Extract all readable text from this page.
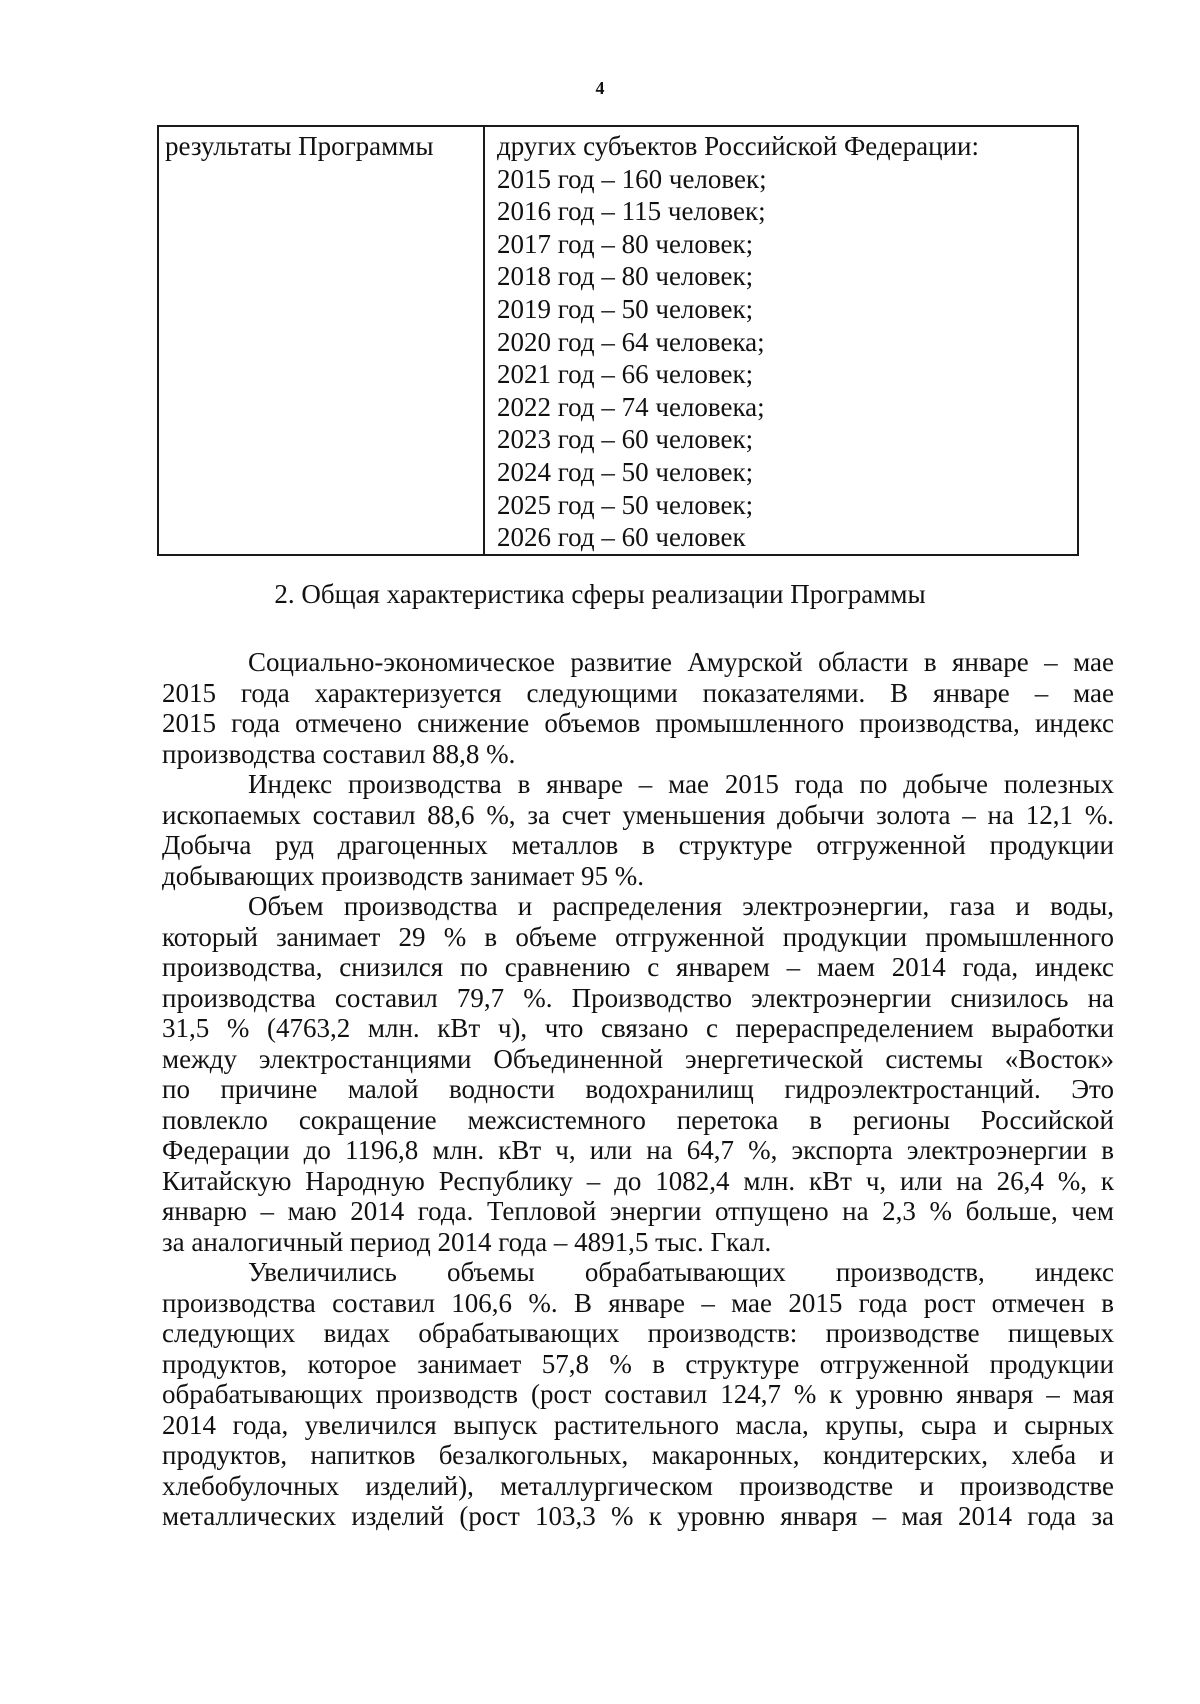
4
результаты Программы	других субъектов Российской Федерации:
2015 год – 160 человек;
2016 год – 115 человек;
2017 год – 80 человек;
2018 год – 80 человек;
2019 год – 50 человек;
2020 год – 64 человека;
2021 год – 66 человек;
2022 год – 74 человека;
2023 год – 60 человек;
2024 год – 50 человек;
2025 год – 50 человек;
2026 год – 60 человек
2. Общая характеристика сферы реализации Программы

Социально-экономическое развитие Амурской области в январе – мае
2015 года характеризуется следующими показателями. В январе – мае
2015 года отмечено снижение объемов промышленного производства, индекс
производства составил 88,8 %.

Индекс производства в январе – мае 2015 года по добыче полезных
ископаемых составил 88,6 %, за счет уменьшения добычи золота – на 12,1 %.
Добыча руд драгоценных металлов в структуре отгруженной продукции
добывающих производств занимает 95 %.

Объем производства и распределения электроэнергии, газа и воды,
который занимает 29 % в объеме отгруженной продукции промышленного
производства, снизился по сравнению с январем – маем 2014 года, индекс
производства составил 79,7 %. Производство электроэнергии снизилось на
31,5 % (4763,2 млн. кВт ч), что связано с перераспределением выработки
между электростанциями Объединенной энергетической системы «Восток»
по причине малой водности водохранилищ гидроэлектростанций. Это
повлекло сокращение межсистемного перетока в регионы Российской
Федерации до 1196,8 млн. кВт ч, или на 64,7 %, экспорта электроэнергии в
Китайскую Народную Республику – до 1082,4 млн. кВт ч, или на 26,4 %, к
январю – маю 2014 года. Тепловой энергии отпущено на 2,3 % больше, чем
за аналогичный период 2014 года – 4891,5 тыс. Гкал.

Увеличились объемы обрабатывающих производств, индекс
производства составил 106,6 %. В январе – мае 2015 года рост отмечен в
следующих видах обрабатывающих производств: производстве пищевых
продуктов, которое занимает 57,8 % в структуре отгруженной продукции
обрабатывающих производств (рост составил 124,7 % к уровню января – мая
2014 года, увеличился выпуск растительного масла, крупы, сыра и сырных
продуктов, напитков безалкогольных, макаронных, кондитерских, хлеба и
хлебобулочных изделий), металлургическом производстве и производстве
металлических изделий (рост 103,3 % к уровню января – мая 2014 года за
